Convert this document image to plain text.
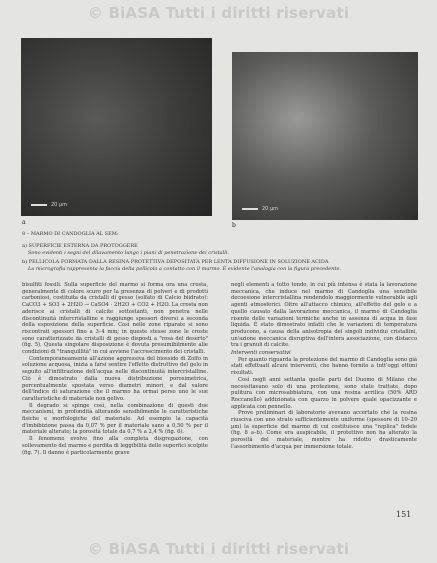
© BiASA Tutti i diritti riservati
20 µm
a
20 µm
b
8 – MARMO DI CANDOGLIA AL SEM:
a) SUPERFICIE ESTERNA DA PROTOGGERE
Sono evidenti i segni del dilavamento lungo i piani di penetrazione dei cristalli.
b) PELLICOLA FORMATA DALLA RESINA PROTETTIVA DEPOSITATA PER LENTA DIFFUSIONE IN SOLUZIONE ACIDA
La micrografia rappresenta la faccia della pellicola a contatto con il marmo. È evidente l'analogia con la figura precedente.

bisulfiti fossili. Sulla superficie del marmo si forma ora una crosta, generalmente di colore scuro per la presenza di polveri e di prodotti carboniosi, costituita da cristalli di gesso (solfato di Calcio biidrato): CaCO3 + SO3 + 2H2O → CaSO4 · 2H2O + CO2 + H2O. La crosta non aderisce ai cristalli di calcite sottostanti, non penetra nelle discontinuità intercristalline e raggiunge spessori diversi a seconda della esposizione della superficie. Così nelle zone riparate si sono riscontrati spessori fino a 3–4 mm; in queste stesse zone le croste sono caratterizzate da cristalli di gesso disposti a "rosa del deserto" (fig. 5). Questa singolare disposizione è dovuta presumibilmente alle condizioni di "tranquillità" in cui avviene l'accrescimento dei cristalli.

Contemporaneamente all'azione aggressiva del biossido di Zolfo in soluzione acquosa, inizia a farsi sentire l'effetto distruttivo del gelo in seguito all'infiltrazione dell'acqua nelle discontinuità intercristalline. Ciò è dimostrato dalla nuova distribuzione porosimetrica, percentualmente spostata verso diametri minori, e dal valore dell'indice di saturazione che il marmo ha ormai perso uno le sue caratteristiche di materiale non gelivo.

Il degrado si spinge così, nella combinazione di questi due meccanismi, in profondità alterando sensibilmente le caratteristiche fisiche e morfologiche del materiale. Ad esempio la capacità d'imbibizione passa da 0,07 % per il materiale sano a 0,50 % per il materiale alterato; la porosità totale da 0,7 % a 2,4 % (fig. 6).

Il fenomeno evolve fino alla completa disgregazione, con sollevamento del marmo e perdita di leggibilità delle superfici scolpite (fig. 7). Il danno è particolarmente grave

negli elementi a tutto tondo, in cui più intensa è stata la lavorazione meccanica, che induce nel marmo di Candoglia una sensibile decoesione intercristallina rendendolo maggiormente vulnerabile agli agenti atmosferici. Oltre all'attacco chimico, all'effetto del gelo e a quello causato dalla lavorazione meccanica, il marmo di Candoglia risente delle variazioni termiche anche in assenza di acqua in fase liquida. È stato dimostrato infatti che le variazioni di temperatura producono, a causa della anisotropia dei singoli individui cristallini, un'azione meccanica disruptiva dell'intera associazione, con distacco tra i granuli di calcite.

Interventi conservativi

Per quanto riguarda la protezione del marmo di Candoglia sono già stati effettuati alcuni interventi, che hanno fornito a tutt'oggi ottimi risultati.

Così negli anni settanta quelle parti del Duomo di Milano che necessitavano solo di una protezione, sono state trattate, dopo pulitura con microsabbiatura, con una resina acrilica (50% ARD Roccanello) addizionata con quarzo in polvere quale opacizzante e applicata con pennello.

Prove preliminari di laboratorio avevano accertato che la resina riusciva con uno strato sufficientemente uniforme (spessore di 10–20 µm) la superficie del marmo di cui costituisce una "replica" fedele (fig. 8 a–b). Come era auspicabile, il protettivo non ha alterato la porosità del materiale, mentre ha ridotto drasticamente l'assorbimento d'acqua per immersione totale.

151
© BiASA Tutti i diritti riservati
